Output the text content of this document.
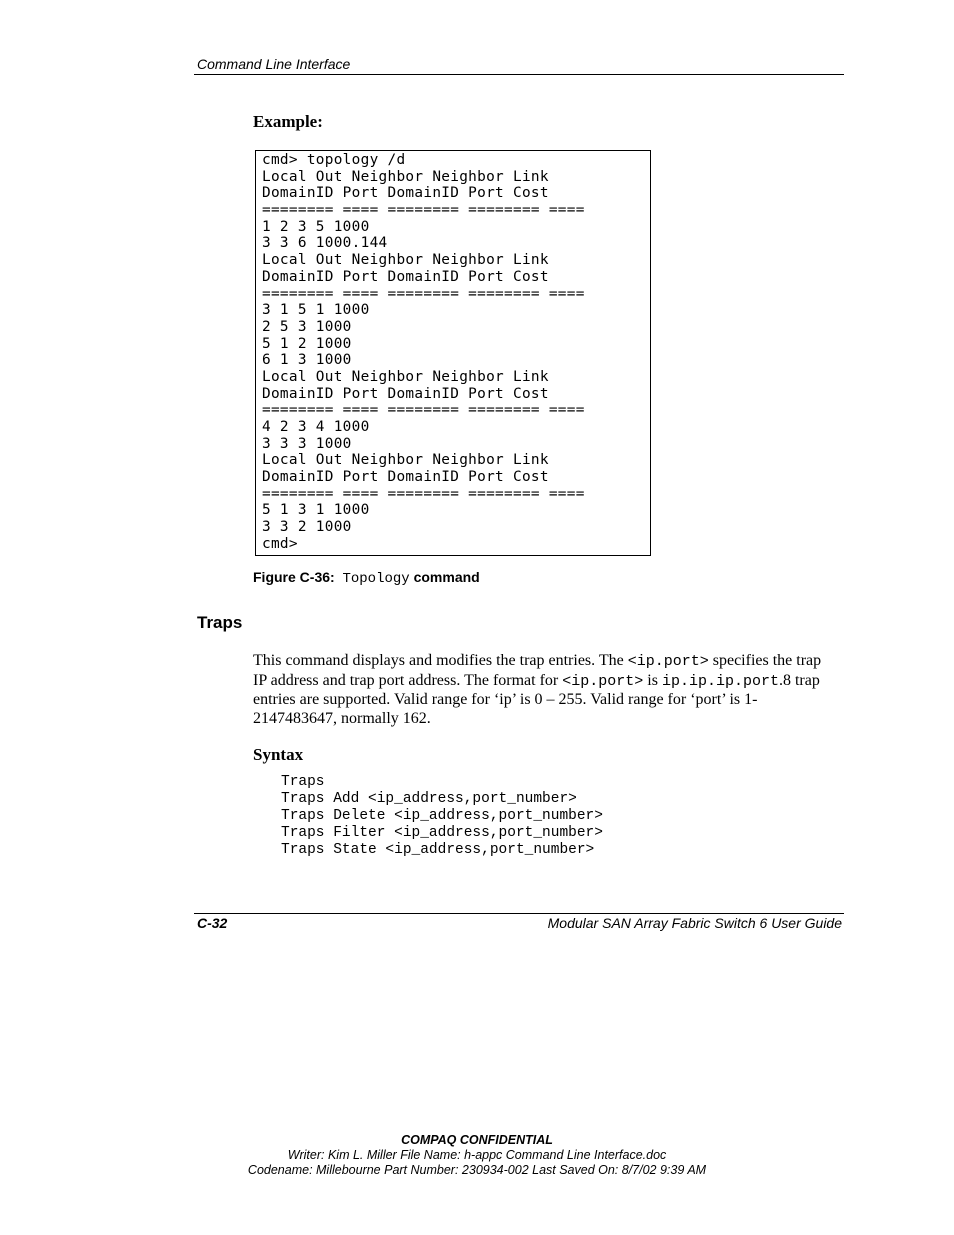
Command Line Interface
Example:
cmd> topology /d
Local Out Neighbor Neighbor Link
DomainID Port DomainID Port Cost
======== ==== ======== ======== ====
1 2 3 5 1000
3 3 6 1000.144
Local Out Neighbor Neighbor Link
DomainID Port DomainID Port Cost
======== ==== ======== ======== ====
3 1 5 1 1000
2 5 3 1000
5 1 2 1000
6 1 3 1000
Local Out Neighbor Neighbor Link
DomainID Port DomainID Port Cost
======== ==== ======== ======== ====
4 2 3 4 1000
3 3 3 1000
Local Out Neighbor Neighbor Link
DomainID Port DomainID Port Cost
======== ==== ======== ======== ====
5 1 3 1 1000
3 3 2 1000
cmd>
Figure C-36: Topology command
Traps
This command displays and modifies the trap entries. The <ip.port> specifies the trap IP address and trap port address. The format for <ip.port> is ip.ip.ip.port.8 trap entries are supported. Valid range for ‘ip’ is 0 – 255. Valid range for ‘port’ is 1-2147483647, normally 162.
Syntax
Traps
Traps Add <ip_address,port_number>
Traps Delete <ip_address,port_number>
Traps Filter <ip_address,port_number>
Traps State <ip_address,port_number>
C-32	Modular SAN Array Fabric Switch 6 User Guide
COMPAQ CONFIDENTIAL
Writer: Kim L. Miller File Name: h-appc Command Line Interface.doc
Codename: Millebourne Part Number: 230934-002 Last Saved On: 8/7/02 9:39 AM
